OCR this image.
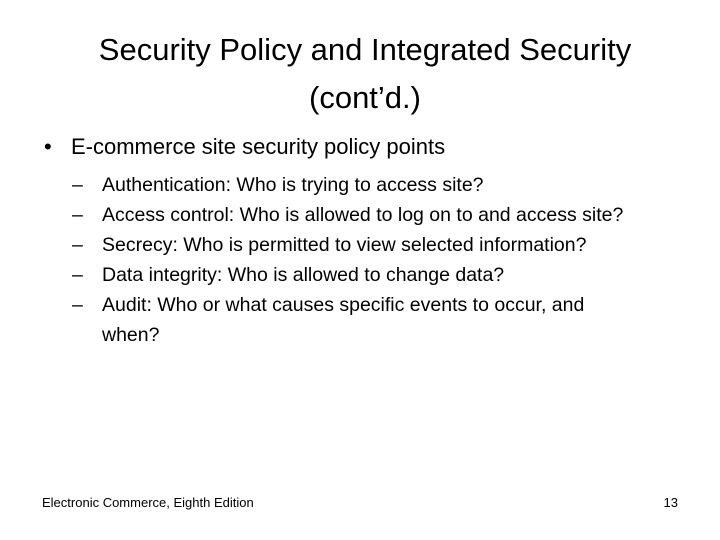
Security Policy and Integrated Security
(cont’d.)
• E-commerce site security policy points
– Authentication: Who is trying to access site?
– Access control: Who is allowed to log on to and access site?
– Secrecy: Who is permitted to view selected information?
– Data integrity: Who is allowed to change data?
– Audit: Who or what causes specific events to occur, and when?
Electronic Commerce, Eighth Edition	13
